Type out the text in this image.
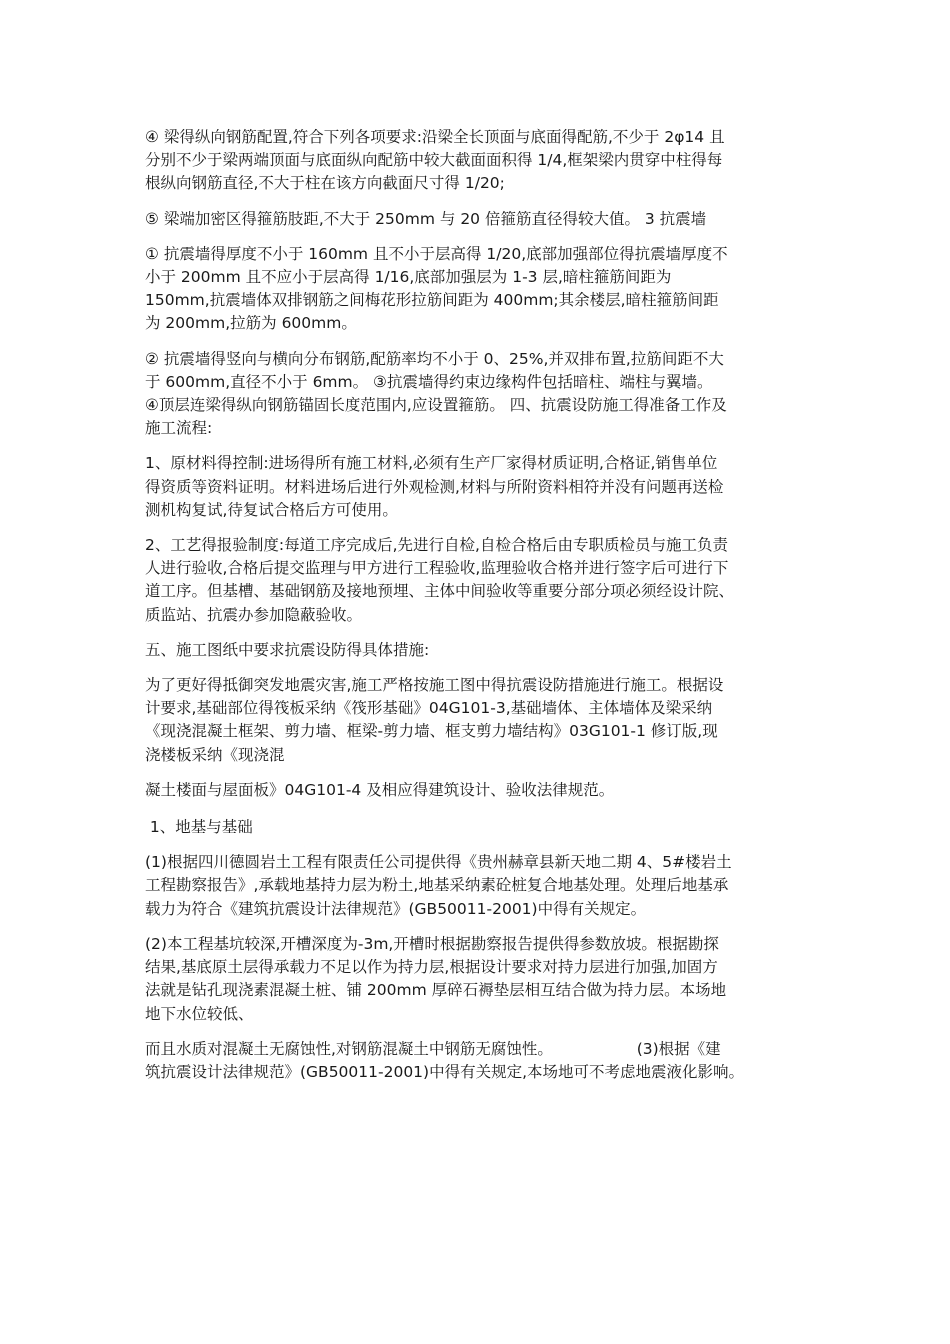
④ 梁得纵向钢筋配置,符合下列各项要求:沿梁全长顶面与底面得配筋,不少于 2φ14 且
分别不少于梁两端顶面与底面纵向配筋中较大截面面积得 1/4,框架梁内贯穿中柱得每
根纵向钢筋直径,不大于柱在该方向截面尺寸得 1/20;

⑤ 梁端加密区得箍筋肢距,不大于 250mm 与 20 倍箍筋直径得较大值。 3 抗震墙

① 抗震墙得厚度不小于 160mm 且不小于层高得 1/20,底部加强部位得抗震墙厚度不
小于 200mm 且不应小于层高得 1/16,底部加强层为 1-3 层,暗柱箍筋间距为
150mm,抗震墙体双排钢筋之间梅花形拉筋间距为 400mm;其余楼层,暗柱箍筋间距
为 200mm,拉筋为 600mm。

② 抗震墙得竖向与横向分布钢筋,配筋率均不小于 0、25%,并双排布置,拉筋间距不大
于 600mm,直径不小于 6mm。 ③抗震墙得约束边缘构件包括暗柱、端柱与翼墙。
④顶层连梁得纵向钢筋锚固长度范围内,应设置箍筋。 四、抗震设防施工得准备工作及
施工流程:

1、原材料得控制:进场得所有施工材料,必须有生产厂家得材质证明,合格证,销售单位
得资质等资料证明。材料进场后进行外观检测,材料与所附资料相符并没有问题再送检
测机构复试,待复试合格后方可使用。

2、工艺得报验制度:每道工序完成后,先进行自检,自检合格后由专职质检员与施工负责
人进行验收,合格后提交监理与甲方进行工程验收,监理验收合格并进行签字后可进行下
道工序。但基槽、基础钢筋及接地预埋、主体中间验收等重要分部分项必须经设计院、
质监站、抗震办参加隐蔽验收。

五、施工图纸中要求抗震设防得具体措施:

为了更好得抵御突发地震灾害,施工严格按施工图中得抗震设防措施进行施工。根据设
计要求,基础部位得筏板采纳《筏形基础》04G101-3,基础墙体、主体墙体及梁采纳
《现浇混凝土框架、剪力墙、框梁-剪力墙、框支剪力墙结构》03G101-1 修订版,现
浇楼板采纳《现浇混

凝土楼面与屋面板》04G101-4 及相应得建筑设计、验收法律规范。

1、地基与基础

(1)根据四川德圆岩土工程有限责任公司提供得《贵州赫章县新天地二期 4、5#楼岩土
工程勘察报告》,承载地基持力层为粉土,地基采纳素砼桩复合地基处理。处理后地基承
载力为符合《建筑抗震设计法律规范》(GB50011-2001)中得有关规定。

(2)本工程基坑较深,开槽深度为-3m,开槽时根据勘察报告提供得参数放坡。根据勘探
结果,基底原土层得承载力不足以作为持力层,根据设计要求对持力层进行加强,加固方
法就是钻孔现浇素混凝土桩、铺 200mm 厚碎石褥垫层相互结合做为持力层。本场地
地下水位较低、

而且水质对混凝土无腐蚀性,对钢筋混凝土中钢筋无腐蚀性。                 (3)根据《建
筑抗震设计法律规范》(GB50011-2001)中得有关规定,本场地可不考虑地震液化影响。
